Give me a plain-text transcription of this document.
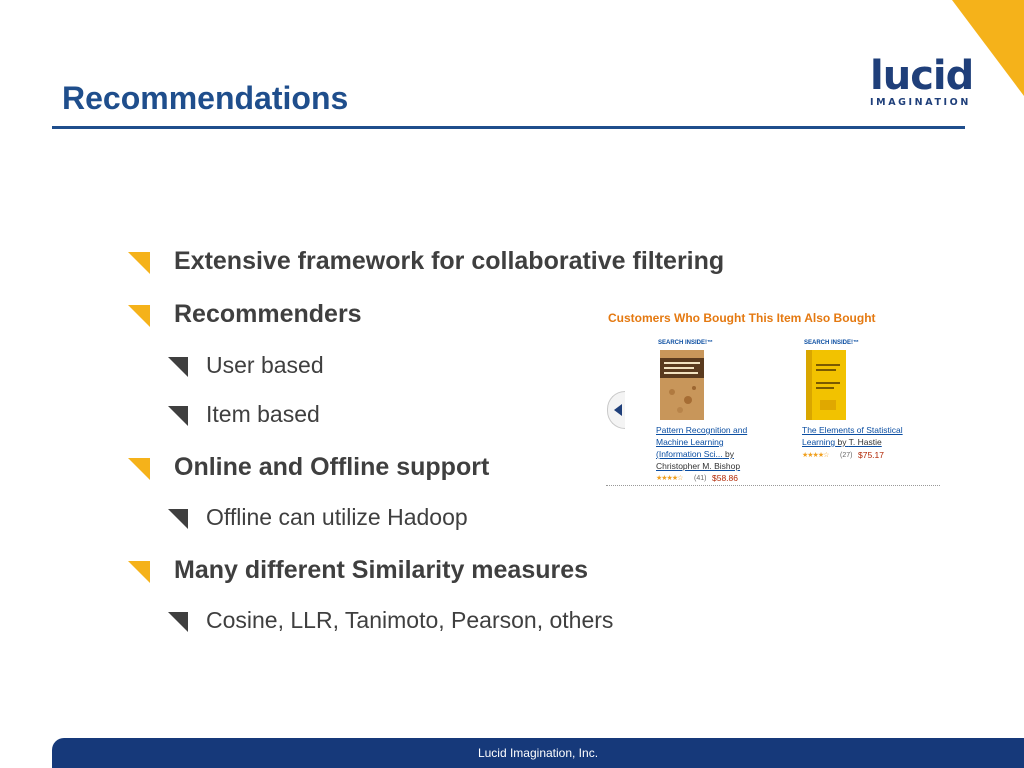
lucid
IMAGINATION
Recommendations
Extensive framework for collaborative filtering
Recommenders
User based
Item based
Online and Offline support
Offline can utilize Hadoop
Many different Similarity measures
Cosine, LLR, Tanimoto, Pearson, others
Customers Who Bought This Item Also Bought
SEARCH INSIDE!™
Pattern Recognition and Machine Learning (Information Sci... by Christopher M. Bishop
★★★★☆ (41) $58.86
SEARCH INSIDE!™
The Elements of Statistical Learning by T. Hastie
★★★★☆ (27) $75.17
Lucid Imagination, Inc.
